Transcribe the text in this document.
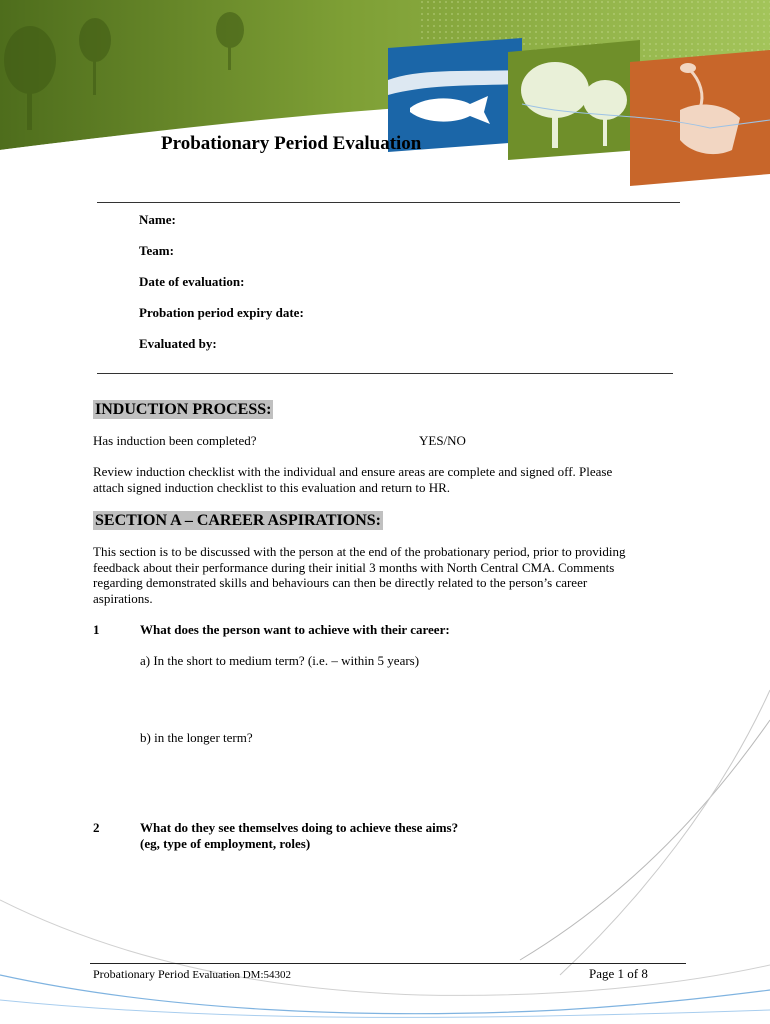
Probationary Period Evaluation
Name:
Team:
Date of evaluation:
Probation period expiry date:
Evaluated by:
INDUCTION PROCESS:
Has induction been completed?	YES/NO
Review induction checklist with the individual and ensure areas are complete and signed off. Please
attach signed induction checklist to this evaluation and return to HR.
SECTION A – CAREER ASPIRATIONS:
This section is to be discussed with the person at the end of the probationary period, prior to providing
feedback about their performance during their initial 3 months with North Central CMA. Comments
regarding demonstrated skills and behaviours can then be directly related to the person’s career
aspirations.
1	What does the person want to achieve with their career:
a) In the short to medium term? (i.e. – within 5 years)
b) in the longer term?
2	What do they see themselves doing to achieve these aims?
(eg, type of employment, roles)
Probationary Period Evaluation DM:54302	Page 1 of 8
